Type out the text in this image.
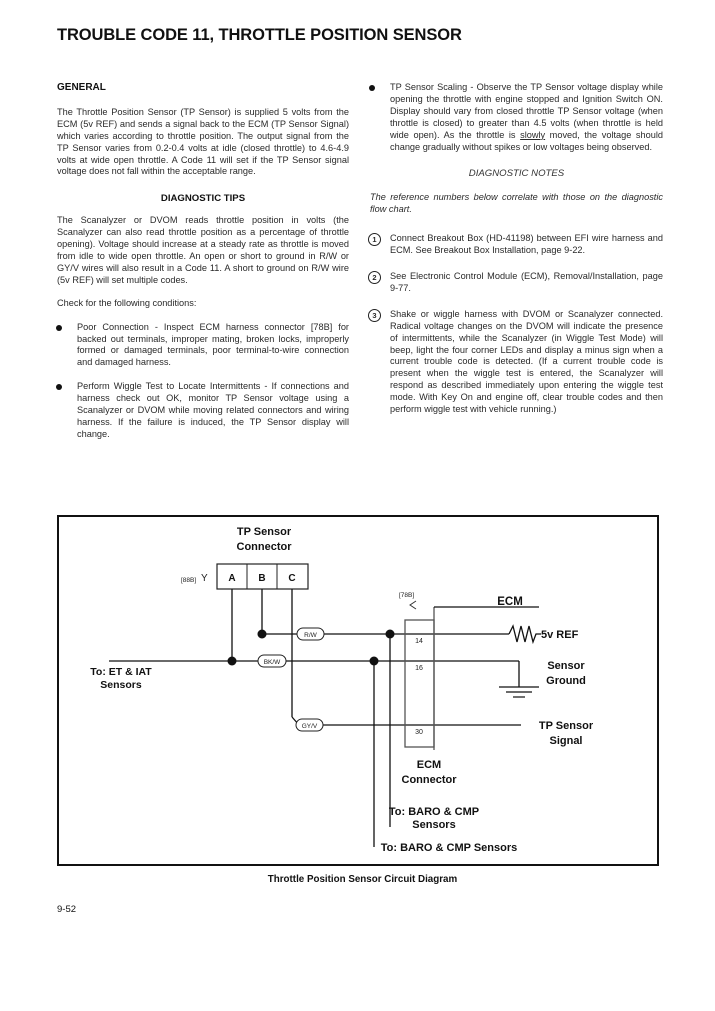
TROUBLE CODE 11, THROTTLE POSITION SENSOR
GENERAL

The Throttle Position Sensor (TP Sensor) is supplied 5 volts from the ECM (5v REF) and sends a signal back to the ECM (TP Sensor Signal) which varies according to throttle position. The output signal from the TP Sensor varies from 0.2-0.4 volts at idle (closed throttle) to 4.6-4.9 volts at wide open throttle. A Code 11 will set if the TP Sensor signal voltage does not fall within the acceptable range.

DIAGNOSTIC TIPS

The Scanalyzer or DVOM reads throttle position in volts (the Scanalyzer can also read throttle position as a percentage of throttle opening). Voltage should increase at a steady rate as throttle is moved from idle to wide open throttle. An open or short to ground in R/W or GY/V wires will also result in a Code 11. A short to ground on R/W wire (5v REF) will set multiple codes.

Check for the following conditions:

Poor Connection - Inspect ECM harness connector [78B] for backed out terminals, improper mating, broken locks, improperly formed or damaged terminals, poor terminal-to-wire connection and damaged harness.
Perform Wiggle Test to Locate Intermittents - If connections and harness check out OK, monitor TP Sensor voltage using a Scanalyzer or DVOM while moving related connectors and wiring harness. If the failure is induced, the TP Sensor display will change.
TP Sensor Scaling - Observe the TP Sensor voltage display while opening the throttle with engine stopped and Ignition Switch ON. Display should vary from closed throttle TP Sensor voltage (when throttle is closed) to greater than 4.5 volts (when throttle is held wide open). As the throttle is slowly moved, the voltage should change gradually without spikes or low voltages being observed.
DIAGNOSTIC NOTES

The reference numbers below correlate with those on the diagnostic flow chart.

1	Connect Breakout Box (HD-41198) between EFI wire harness and ECM. See Breakout Box Installation, page 9-22.
2	See Electronic Control Module (ECM), Removal/Installation, page 9-77.
3	Shake or wiggle harness with DVOM or Scanalyzer connected. Radical voltage changes on the DVOM will indicate the presence of intermittents, while the Scanalyzer (in Wiggle Test Mode) will beep, light the four corner LEDs and display a minus sign when a current trouble code is detected. (If a current trouble code is present when the wiggle test is entered, the Scanalyzer will respond as described immediately upon entering the wiggle test mode. With Key On and engine off, clear trouble codes and then perform wiggle test with vehicle running.)
TP Sensor
Connector
[88B] Y A B C
R/W	5v REF
BK/W	Sensor
Ground
To: ET & IAT
Sensors
GY/V	TP Sensor
Signal
[78B]
ECM
14
16
30
ECM
Connector
To: BARO & CMP
Sensors
To: BARO & CMP Sensors
Throttle Position Sensor Circuit Diagram
9-52
